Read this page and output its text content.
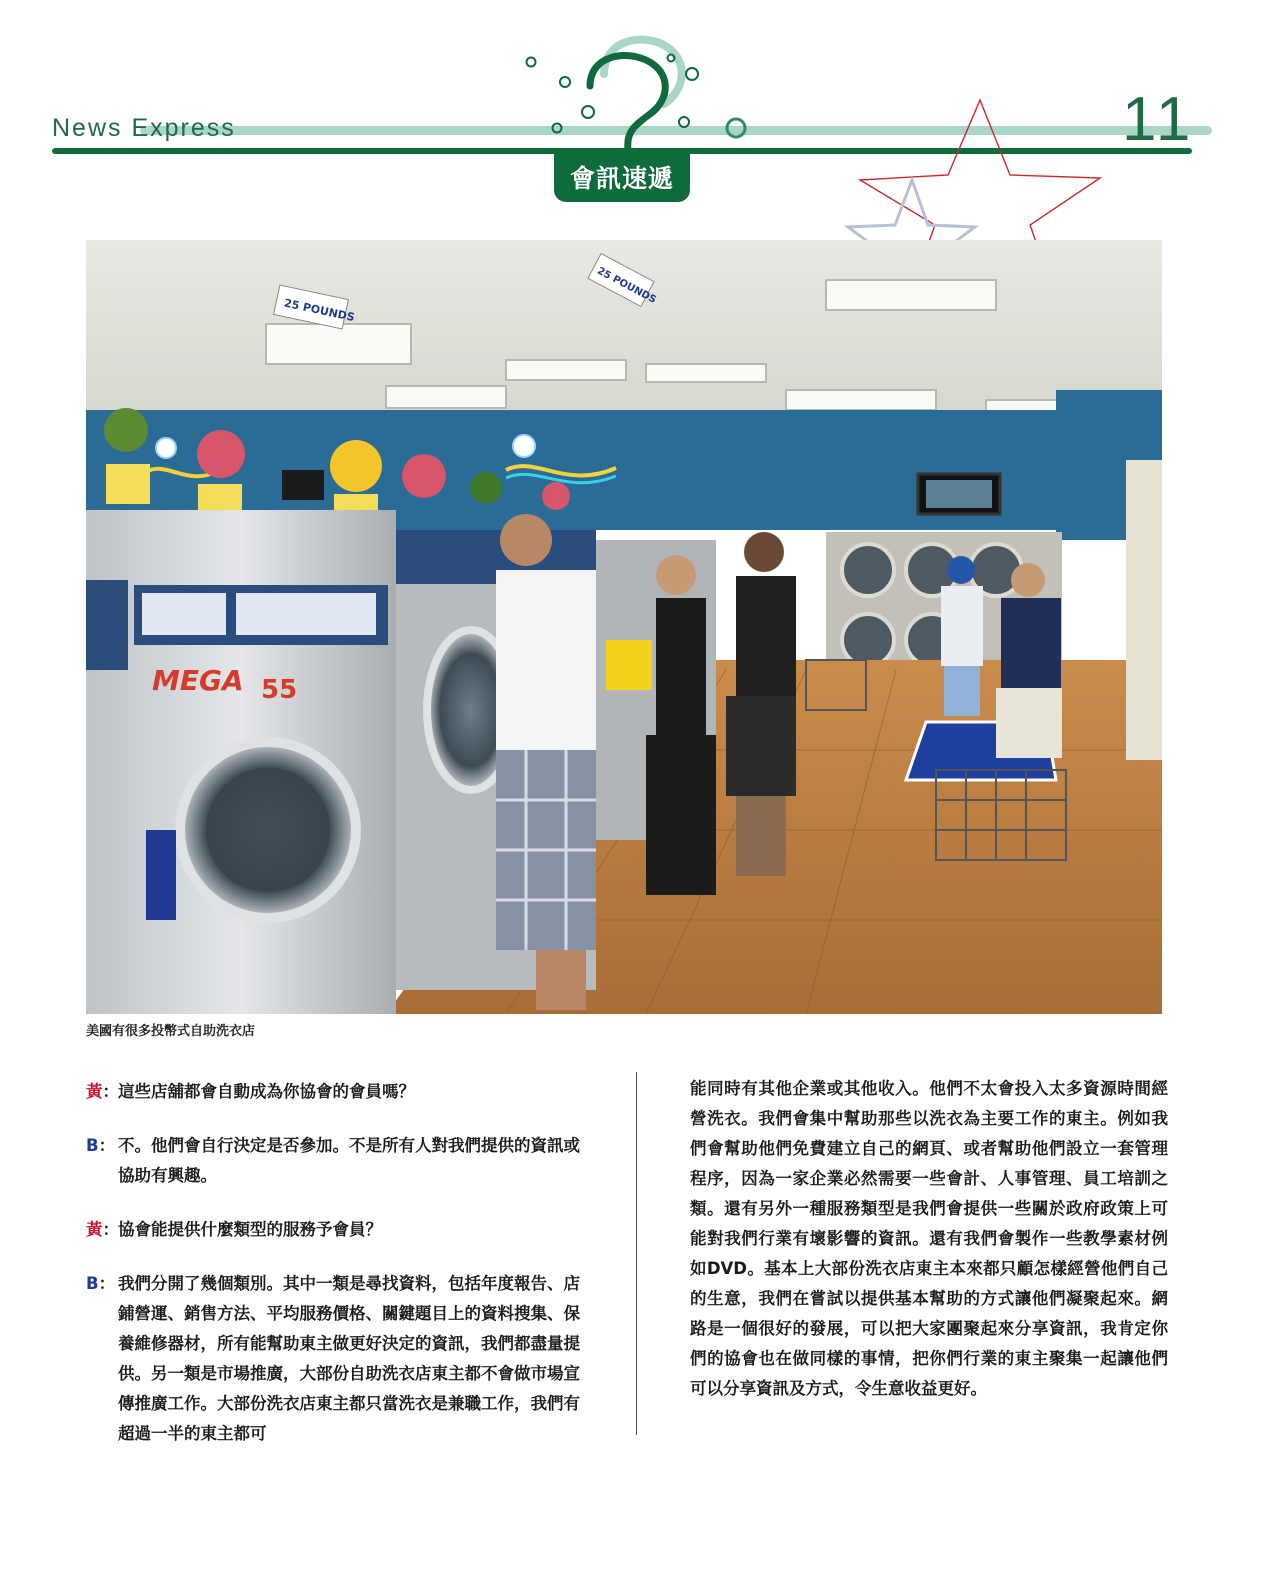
News Express	11
會訊速遞
25 POUNDS
25 POUNDS
MEGA 55
美國有很多投幣式自助洗衣店
黃： 這些店舖都會自動成為你協會的會員嗎？
B： 不。他們會自行決定是否參加。不是所有人對我們提供的資訊或協助有興趣。
黃： 協會能提供什麼類型的服務予會員？
B： 我們分開了幾個類別。其中一類是尋找資料，包括年度報告、店鋪營運、銷售方法、平均服務價格、關鍵題目上的資料搜集、保養維修器材，所有能幫助東主做更好決定的資訊，我們都盡量提供。另一類是市場推廣，大部份自助洗衣店東主都不會做市場宣傳推廣工作。大部份洗衣店東主都只當洗衣是兼職工作，我們有超過一半的東主都可
能同時有其他企業或其他收入。他們不太會投入太多資源時間經營洗衣。我們會集中幫助那些以洗衣為主要工作的東主。例如我們會幫助他們免費建立自己的網頁、或者幫助他們設立一套管理程序，因為一家企業必然需要一些會計、人事管理、員工培訓之類。還有另外一種服務類型是我們會提供一些關於政府政策上可能對我們行業有壞影響的資訊。還有我們會製作一些教學素材例如DVD。基本上大部份洗衣店東主本來都只顧怎樣經營他們自己的生意，我們在嘗試以提供基本幫助的方式讓他們凝聚起來。網路是一個很好的發展，可以把大家團聚起來分享資訊，我肯定你們的協會也在做同樣的事情，把你們行業的東主聚集一起讓他們可以分享資訊及方式，令生意收益更好。
